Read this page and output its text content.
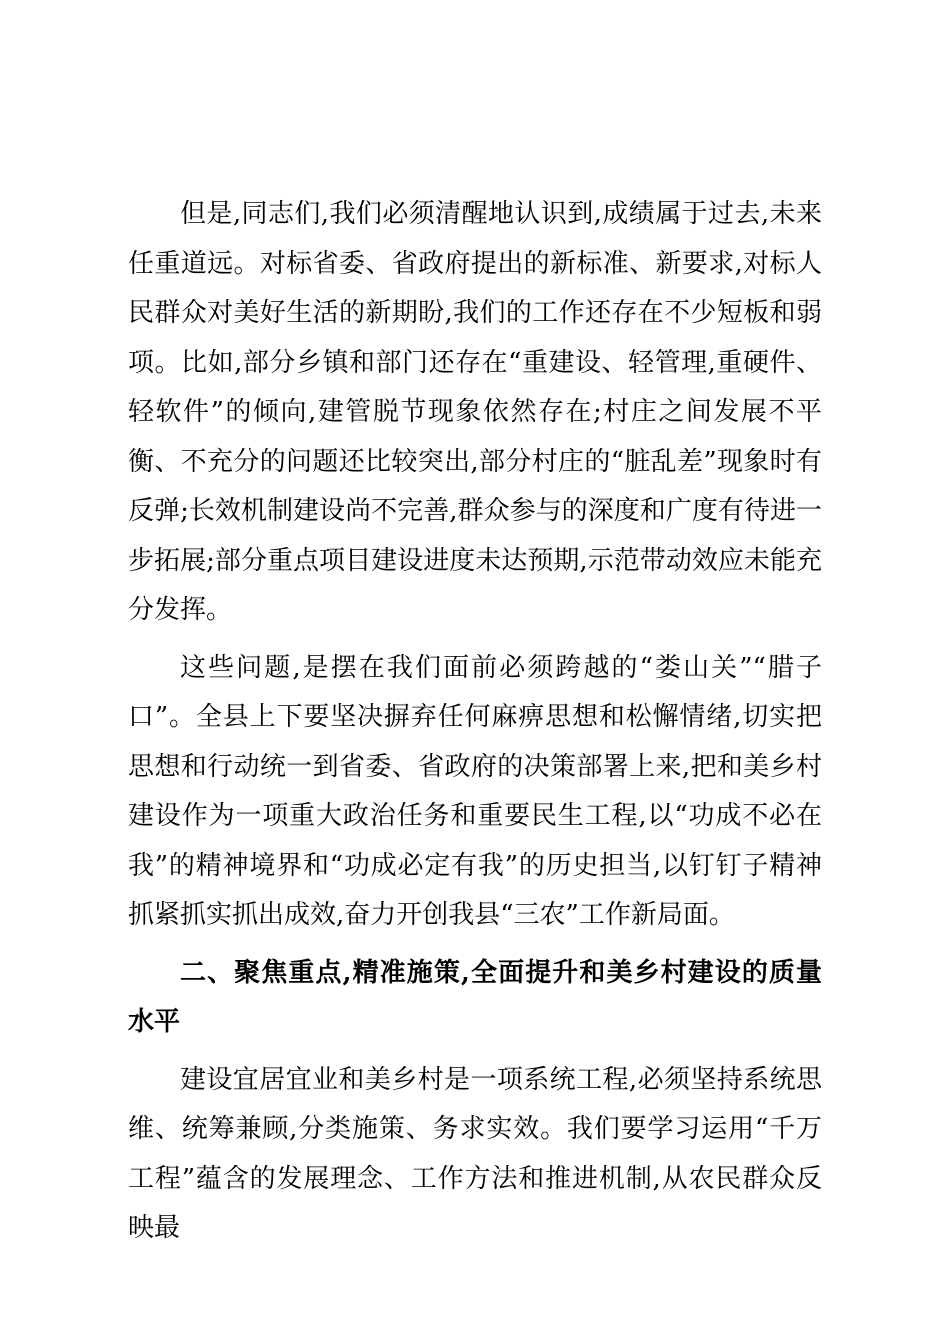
但是,同志们,我们必须清醒地认识到,成绩属于过去,未来任重道远。对标省委、省政府提出的新标准、新要求,对标人民群众对美好生活的新期盼,我们的工作还存在不少短板和弱项。比如,部分乡镇和部门还存在“重建设、轻管理,重硬件、轻软件”的倾向,建管脱节现象依然存在;村庄之间发展不平衡、不充分的问题还比较突出,部分村庄的“脏乱差”现象时有反弹;长效机制建设尚不完善,群众参与的深度和广度有待进一步拓展;部分重点项目建设进度未达预期,示范带动效应未能充分发挥。

这些问题,是摆在我们面前必须跨越的“娄山关”“腊子口”。全县上下要坚决摒弃任何麻痹思想和松懈情绪,切实把思想和行动统一到省委、省政府的决策部署上来,把和美乡村建设作为一项重大政治任务和重要民生工程,以“功成不必在我”的精神境界和“功成必定有我”的历史担当,以钉钉子精神抓紧抓实抓出成效,奋力开创我县“三农”工作新局面。

二、聚焦重点,精准施策,全面提升和美乡村建设的质量水平

建设宜居宜业和美乡村是一项系统工程,必须坚持系统思维、统筹兼顾,分类施策、务求实效。我们要学习运用“千万工程”蕴含的发展理念、工作方法和推进机制,从农民群众反映最
